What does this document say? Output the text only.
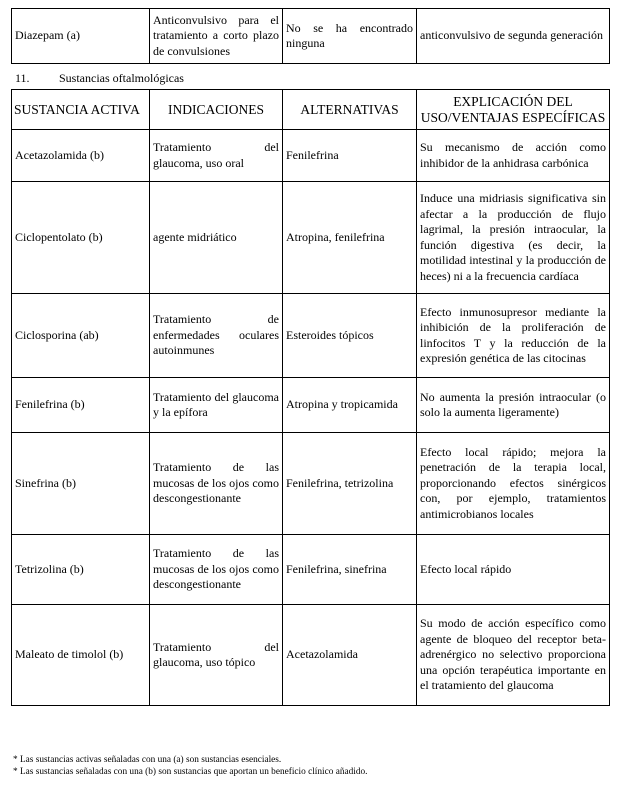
Diazepam (a)	Anticonvulsivo para el tratamiento a corto plazo de convulsiones	No se ha encontrado ninguna	anticonvulsivo de segunda generación
11. Sustancias oftalmológicas
SUSTANCIA ACTIVA	INDICACIONES	ALTERNATIVAS	EXPLICACIÓN DEL USO/VENTAJAS ESPECÍFICAS
Acetazolamida (b)	Tratamiento del glaucoma, uso oral	Fenilefrina	Su mecanismo de acción como inhibidor de la anhidrasa carbónica
Ciclopentolato (b)	agente midriático	Atropina, fenilefrina	Induce una midriasis significativa sin afectar a la producción de flujo lagrimal, la presión intraocular, la función digestiva (es decir, la motilidad intestinal y la producción de heces) ni a la frecuencia cardíaca
Ciclosporina (ab)	Tratamiento de enfermedades oculares autoinmunes	Esteroides tópicos	Efecto inmunosupresor mediante la inhibición de la proliferación de linfocitos T y la reducción de la expresión genética de las citocinas
Fenilefrina (b)	Tratamiento del glaucoma y la epífora	Atropina y tropicamida	No aumenta la presión intraocular (o solo la aumenta ligeramente)
Sinefrina (b)	Tratamiento de las mucosas de los ojos como descongestionante	Fenilefrina, tetrizolina	Efecto local rápido; mejora la penetración de la terapia local, proporcionando efectos sinérgicos con, por ejemplo, tratamientos antimicrobianos locales
Tetrizolina (b)	Tratamiento de las mucosas de los ojos como descongestionante	Fenilefrina, sinefrina	Efecto local rápido
Maleato de timolol (b)	Tratamiento del glaucoma, uso tópico	Acetazolamida	Su modo de acción específico como agente de bloqueo del receptor beta- adrenérgico no selectivo proporciona una opción terapéutica importante en el tratamiento del glaucoma
* Las sustancias activas señaladas con una (a) son sustancias esenciales.
* Las sustancias señaladas con una (b) son sustancias que aportan un beneficio clínico añadido.
